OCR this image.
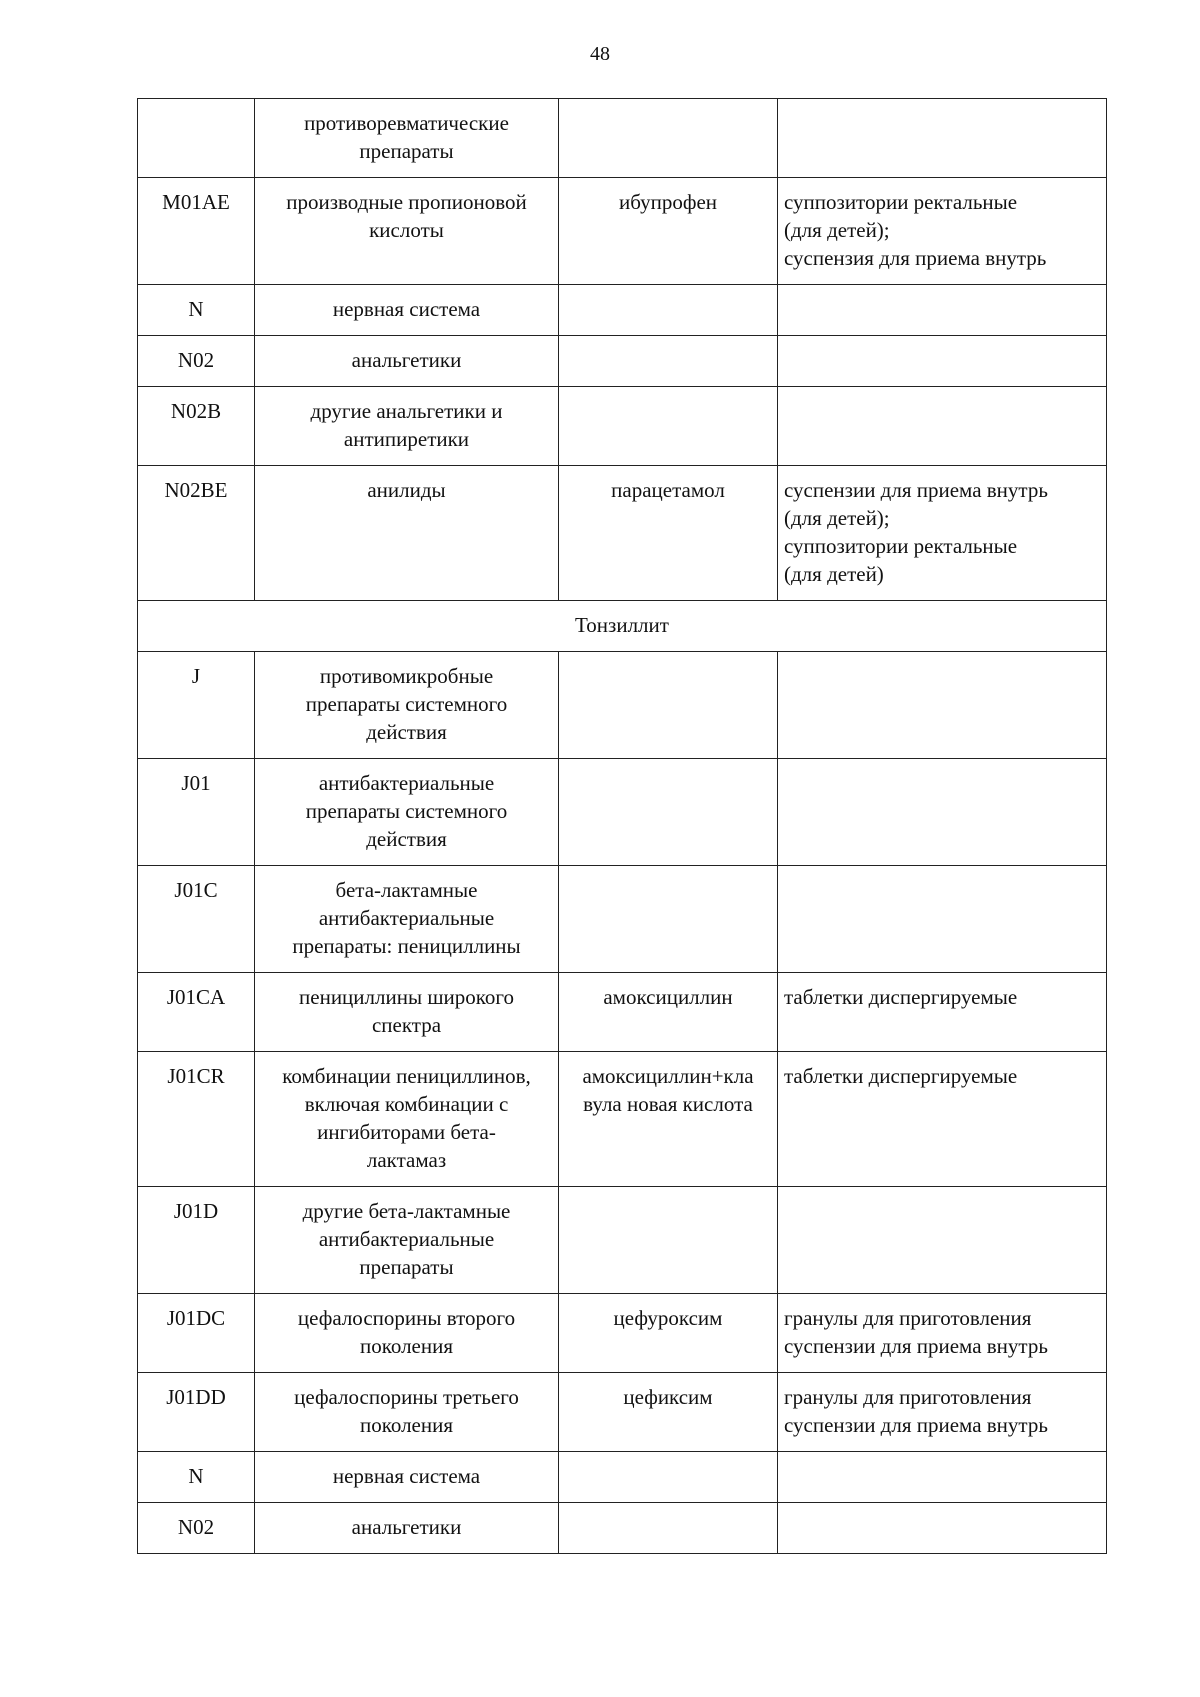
48

	противоревматические
препараты		

M01AE	производные пропионовой
кислоты	ибупрофен	суппозитории ректальные
(для детей);
суспензия для приема внутрь

N	нервная система		
N02	анальгетики		
N02B	другие анальгетики и
антипиретики		

N02BE	анилиды	парацетамол	суспензии для приема внутрь
(для детей);
суппозитории ректальные
(для детей)

Тонзиллит			
J	противомикробные
препараты системного
действия		

J01	антибактериальные
препараты системного
действия		

J01C	бета-лактамные
антибактериальные
препараты: пенициллины		

J01CA	пенициллины широкого
спектра	амоксициллин	таблетки диспергируемые
J01CR	комбинации пенициллинов,
включая комбинации с
ингибиторами бета-
лактамаз	амоксициллин+кла
вула новая кислота	таблетки диспергируемые
J01D	другие бета-лактамные
антибактериальные
препараты		

J01DC	цефалоспорины второго
поколения	цефуроксим	гранулы для приготовления
суспензии для приема внутрь

J01DD	цефалоспорины третьего
поколения	цефиксим	гранулы для приготовления
суспензии для приема внутрь

N	нервная система		
N02	анальгетики		
